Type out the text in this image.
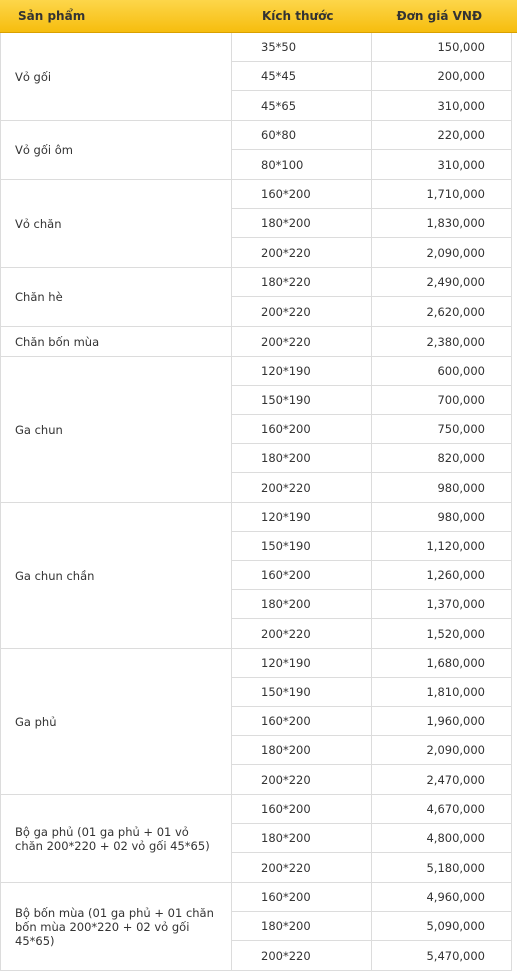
Sản phẩm	Kích thước	Đơn giá VNĐ
Vỏ gối
35*50	150,000
45*45	200,000
45*65	310,000
Vỏ gối ôm
60*80	220,000
80*100	310,000
Vỏ chăn
160*200	1,710,000
180*200	1,830,000
200*220	2,090,000
Chăn hè
180*220	2,490,000
200*220	2,620,000
Chăn bốn mùa	200*220	2,380,000
Ga chun
120*190	600,000
150*190	700,000
160*200	750,000
180*200	820,000
200*220	980,000
Ga chun chần
120*190	980,000
150*190	1,120,000
160*200	1,260,000
180*200	1,370,000
200*220	1,520,000
Ga phủ
120*190	1,680,000
150*190	1,810,000
160*200	1,960,000
180*200	2,090,000
200*220	2,470,000
Bộ ga phủ (01 ga phủ + 01 vỏ chăn 200*220 + 02 vỏ gối 45*65)
160*200	4,670,000
180*200	4,800,000
200*220	5,180,000
Bộ bốn mùa (01 ga phủ + 01 chăn bốn mùa 200*220 + 02 vỏ gối 45*65)
160*200	4,960,000
180*200	5,090,000
200*220	5,470,000
